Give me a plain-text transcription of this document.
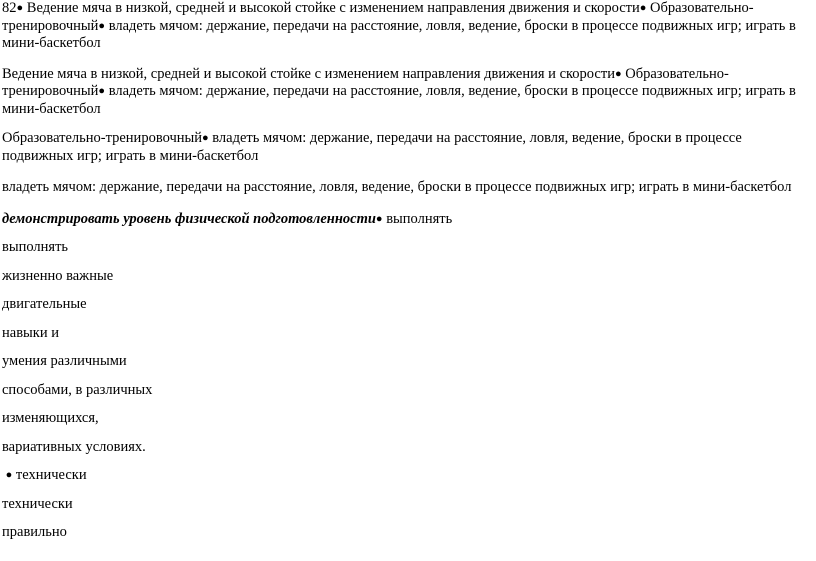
82● Ведение мяча в низкой, средней и высокой стойке с изменением направления движения и скорости● Образовательно-тренировочный● владеть мячом: держание, передачи на расстояние, ловля, ведение, броски в процессе подвижных игр; играть в мини-баскетбол

Ведение мяча в низкой, средней и высокой стойке с изменением направления движения и скорости● Образовательно-тренировочный● владеть мячом: держание, передачи на расстояние, ловля, ведение, броски в процессе подвижных игр; играть в мини-баскетбол

Образовательно-тренировочный● владеть мячом: держание, передачи на расстояние, ловля, ведение, броски в процессе подвижных игр; играть в мини-баскетбол

владеть мячом: держание, передачи на расстояние, ловля, ведение, броски в процессе подвижных игр; играть в мини-баскетбол

демонстрировать уровень физической подготовленности● выполнять

выполнять

жизненно важные

двигательные

навыки и

умения различными

способами, в различных

изменяющихся,

вариативных условиях.

● технически

технически

правильно
